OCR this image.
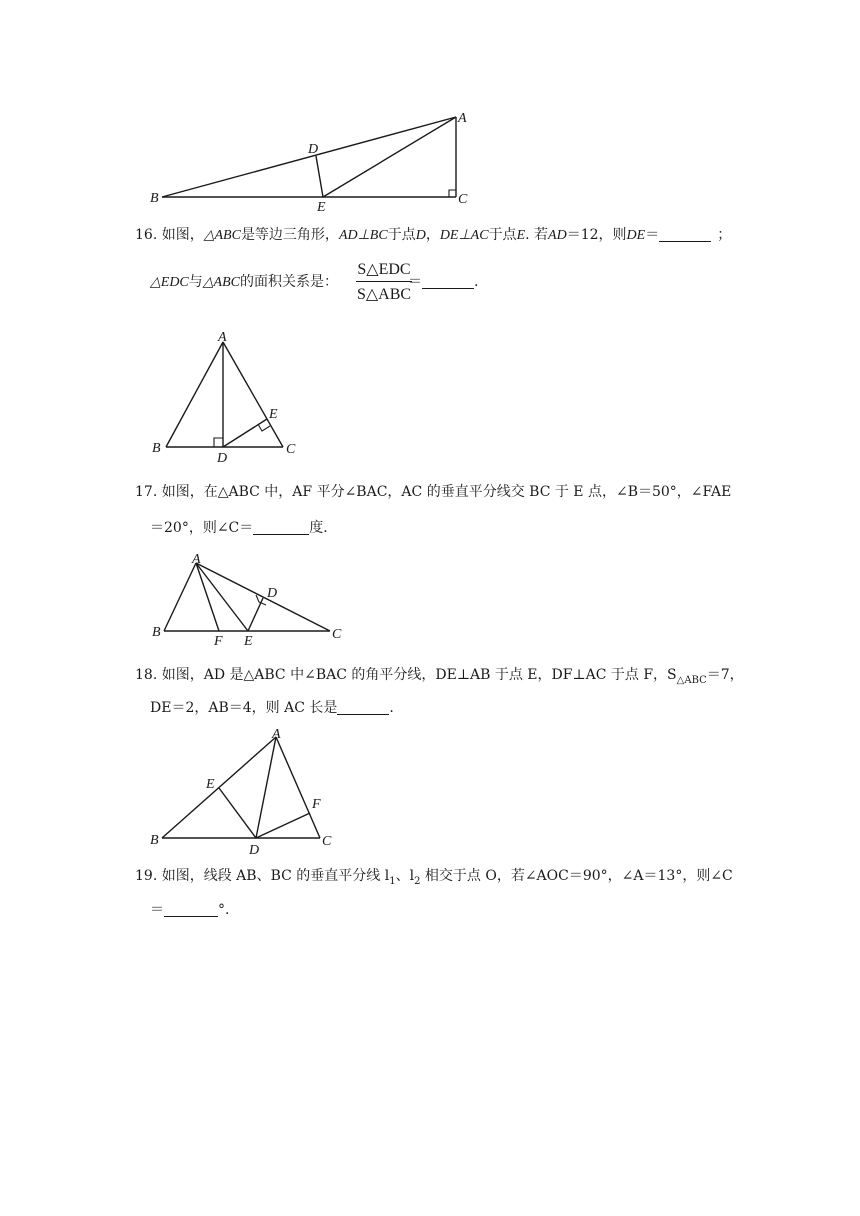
A
B	C
D
E
16. 如图，△ABC是等边三角形，AD⊥BC于点D，DE⊥AC于点E. 若AD＝12，则DE＝	；
△EDC与△ABC的面积关系是：
S△EDC
S△ABC
＝	.
A
B	C
D
E
17. 如图，在△ABC 中，AF 平分∠BAC，AC 的垂直平分线交 BC 于 E 点，∠B＝50°，∠FAE
＝20°，则∠C＝	度.
A
B	C
D
E
F
18. 如图，AD 是△ABC 中∠BAC 的角平分线，DE⊥AB 于点 E，DF⊥AC 于点 F，$S_{\triangle ABC}=7$，
DE＝2，AB＝4，则 AC 长是	.
A
B	C
D
E
F
19. 如图，线段 AB、BC 的垂直平分线 $l_1$、$l_2$ 相交于点 O，若∠AOC＝90°，∠A＝13°，则∠C
＝	°.
